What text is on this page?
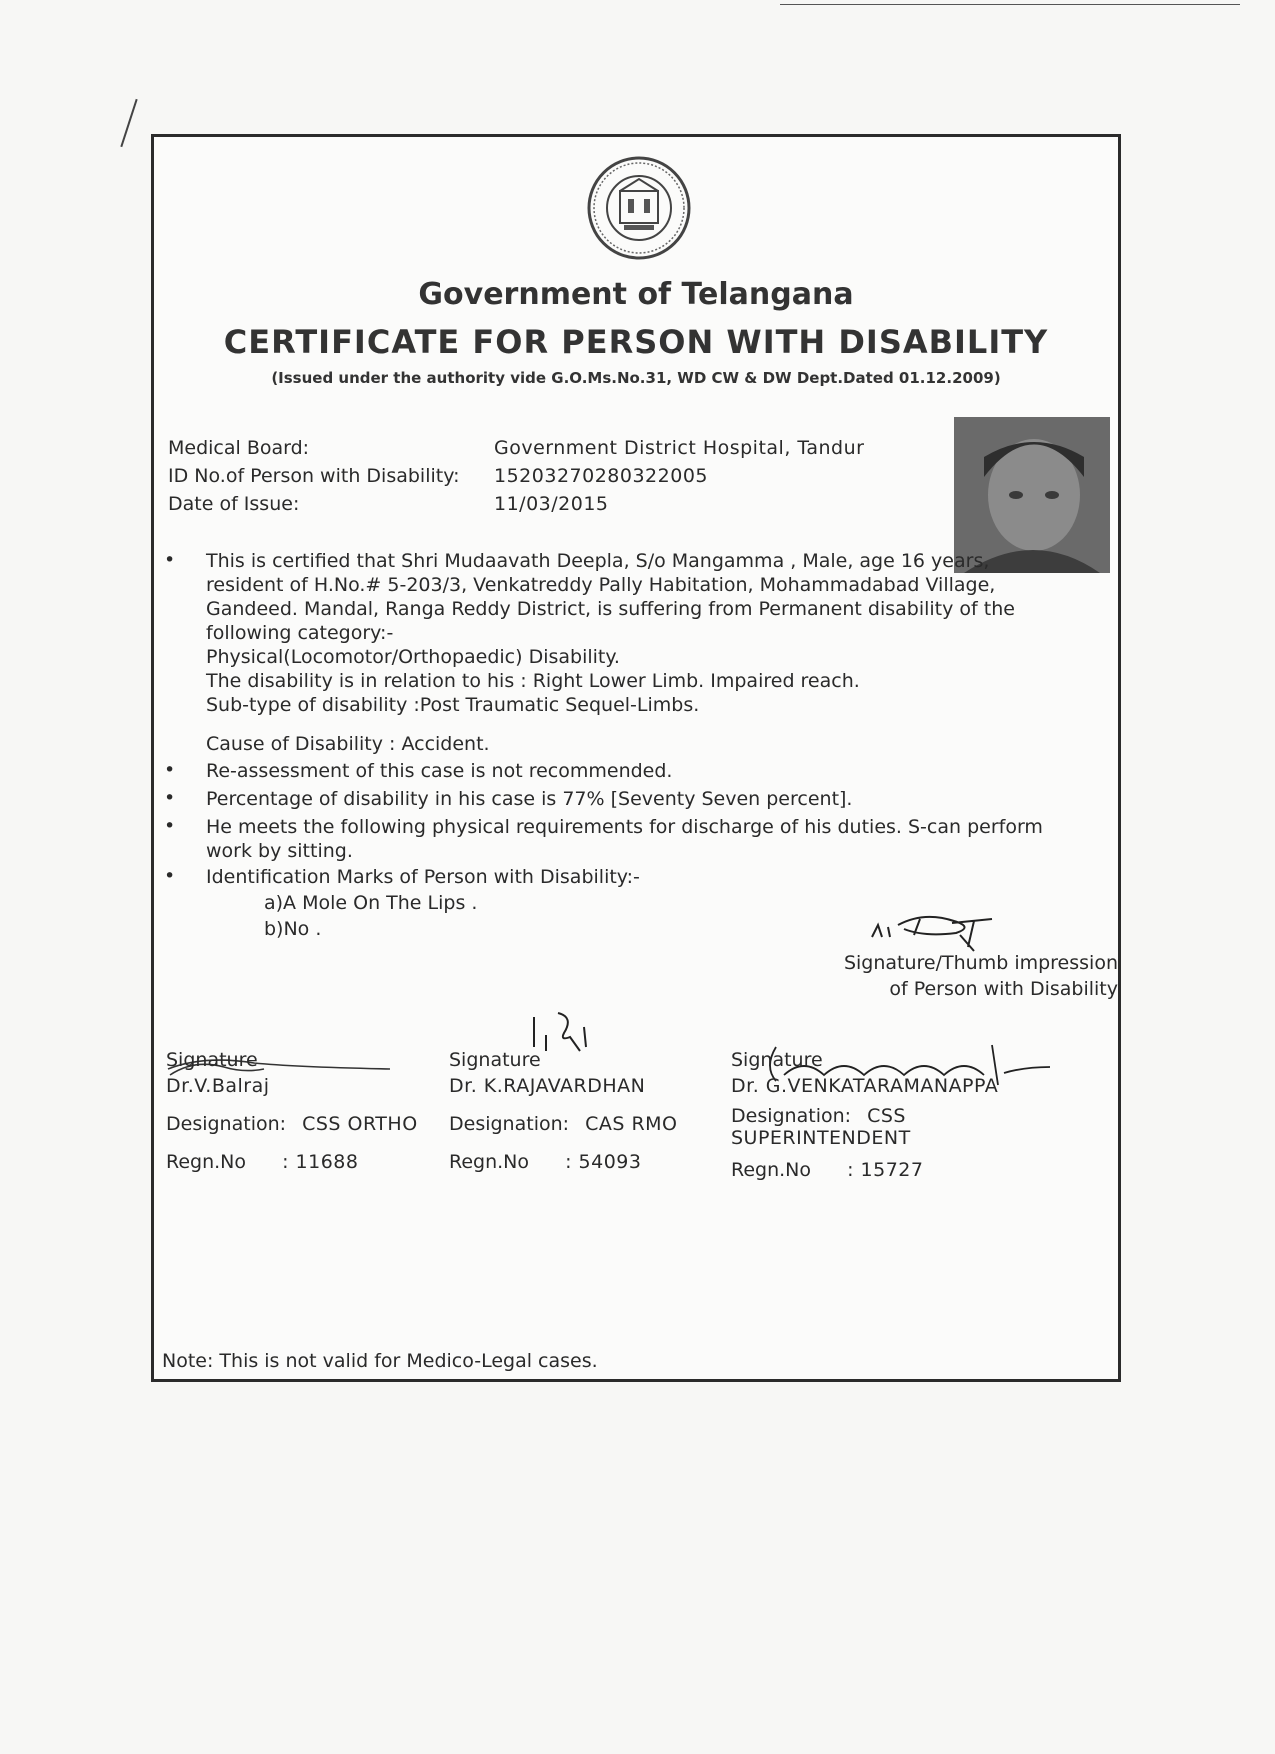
Government of Telangana
CERTIFICATE FOR PERSON WITH DISABILITY
(Issued under the authority vide G.O.Ms.No.31, WD CW & DW Dept.Dated 01.12.2009)
Medical Board:	Government District Hospital, Tandur
ID No.of Person with Disability: 15203270280322005
Date of Issue:	11/03/2015
• This is certified that Shri Mudaavath Deepla, S/o Mangamma , Male, age 16 years,
resident of H.No.# 5-203/3, Venkatreddy Pally Habitation, Mohammadabad Village,
Gandeed. Mandal, Ranga Reddy District, is suffering from Permanent disability of the
following category:-
Physical(Locomotor/Orthopaedic) Disability.
The disability is in relation to his : Right Lower Limb. Impaired reach.
Sub-type of disability :Post Traumatic Sequel-Limbs.
Cause of Disability : Accident.
• Re-assessment of this case is not recommended.
• Percentage of disability in his case is 77% [Seventy Seven percent].
• He meets the following physical requirements for discharge of his duties. S-can perform
work by sitting.
• Identification Marks of Person with Disability:-
a)A Mole On The Lips .
b)No .
Signature/Thumb impression
of Person with Disability
Signature
Dr.V.Balraj
Designation: CSS ORTHO
Regn.No : 11688
Signature
Dr. K.RAJAVARDHAN
Designation: CAS RMO
Regn.No : 54093
Signature
Dr. G.VENKATARAMANAPPA
Designation: CSS
SUPERINTENDENT
Regn.No : 15727
Note: This is not valid for Medico-Legal cases.
